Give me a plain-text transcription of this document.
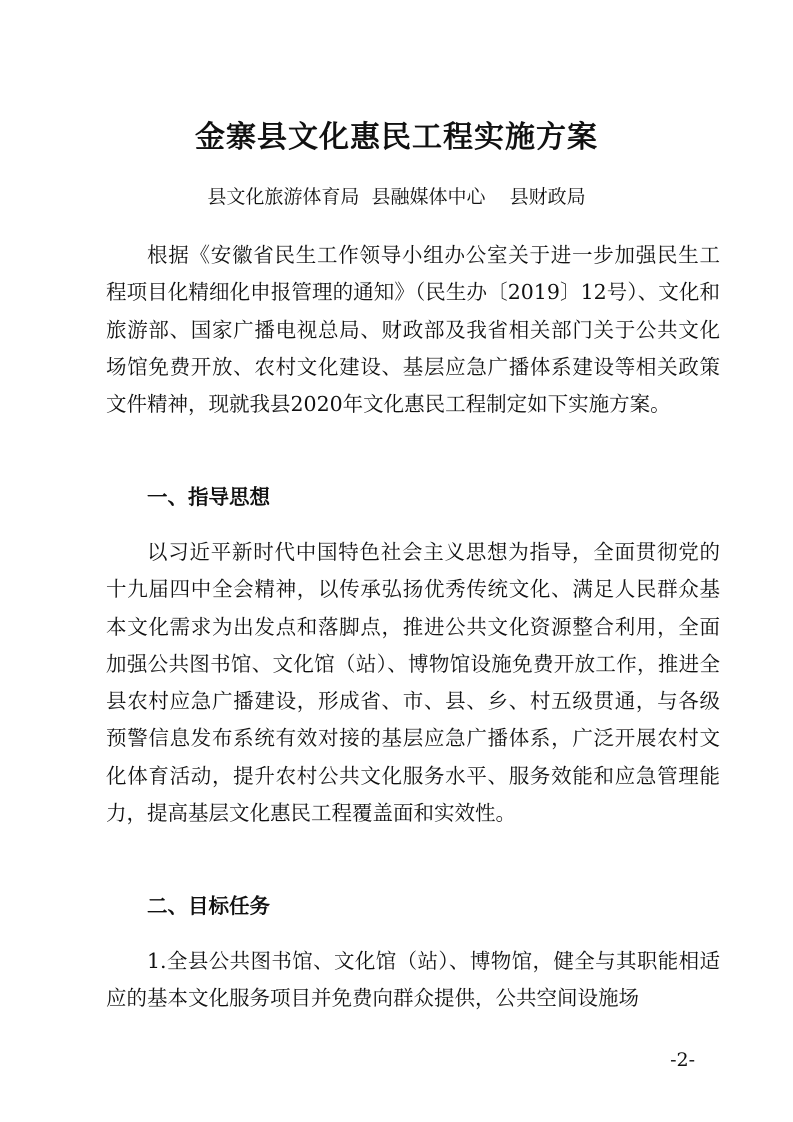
金寨县文化惠民工程实施方案
县文化旅游体育局  县融媒体中心    县财政局

根据《安徽省民生工作领导小组办公室关于进一步加强民生工程项目化精细化申报管理的通知》（民生办〔2019〕12号）、文化和旅游部、国家广播电视总局、财政部及我省相关部门关于公共文化场馆免费开放、农村文化建设、基层应急广播体系建设等相关政策文件精神，现就我县2020年文化惠民工程制定如下实施方案。

一、指导思想

以习近平新时代中国特色社会主义思想为指导，全面贯彻党的十九届四中全会精神，以传承弘扬优秀传统文化、满足人民群众基本文化需求为出发点和落脚点，推进公共文化资源整合利用，全面加强公共图书馆、文化馆（站）、博物馆设施免费开放工作，推进全县农村应急广播建设，形成省、市、县、乡、村五级贯通，与各级预警信息发布系统有效对接的基层应急广播体系，广泛开展农村文化体育活动，提升农村公共文化服务水平、服务效能和应急管理能力，提高基层文化惠民工程覆盖面和实效性。

二、目标任务

1.全县公共图书馆、文化馆（站）、博物馆，健全与其职能相适应的基本文化服务项目并免费向群众提供，公共空间设施场

-2-
